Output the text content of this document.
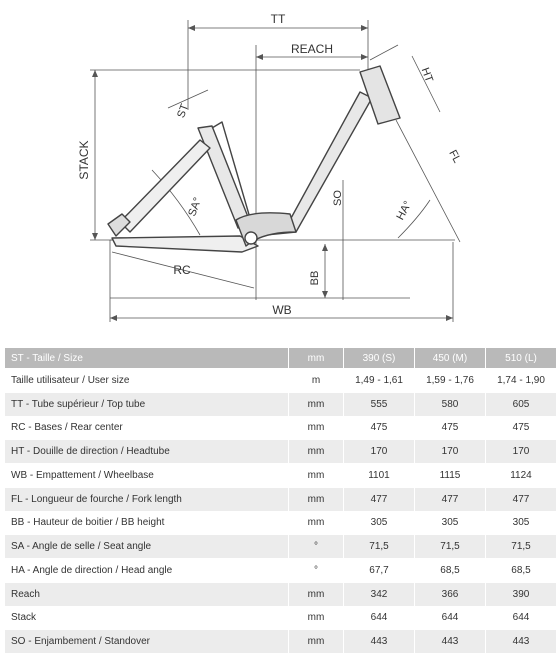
TT
REACH
STACK
ST
HT
FL
SA°	SO
HA°
RC
BB
WB
ST - Taille / Size	mm	390 (S)	450 (M)	510 (L)
Taille utilisateur / User size	m	1,49 - 1,61	1,59 - 1,76	1,74 - 1,90
TT - Tube supérieur / Top tube	mm	555	580	605
RC - Bases / Rear center	mm	475	475	475
HT - Douille de direction / Headtube	mm	170	170	170
WB - Empattement / Wheelbase	mm	1101	1115	1124
FL - Longueur de fourche / Fork length	mm	477	477	477
BB - Hauteur de boitier / BB height	mm	305	305	305
SA - Angle de selle / Seat angle	°	71,5	71,5	71,5
HA - Angle de direction / Head angle	°	67,7	68,5	68,5
Reach	mm	342	366	390
Stack	mm	644	644	644
SO - Enjambement / Standover	mm	443	443	443
